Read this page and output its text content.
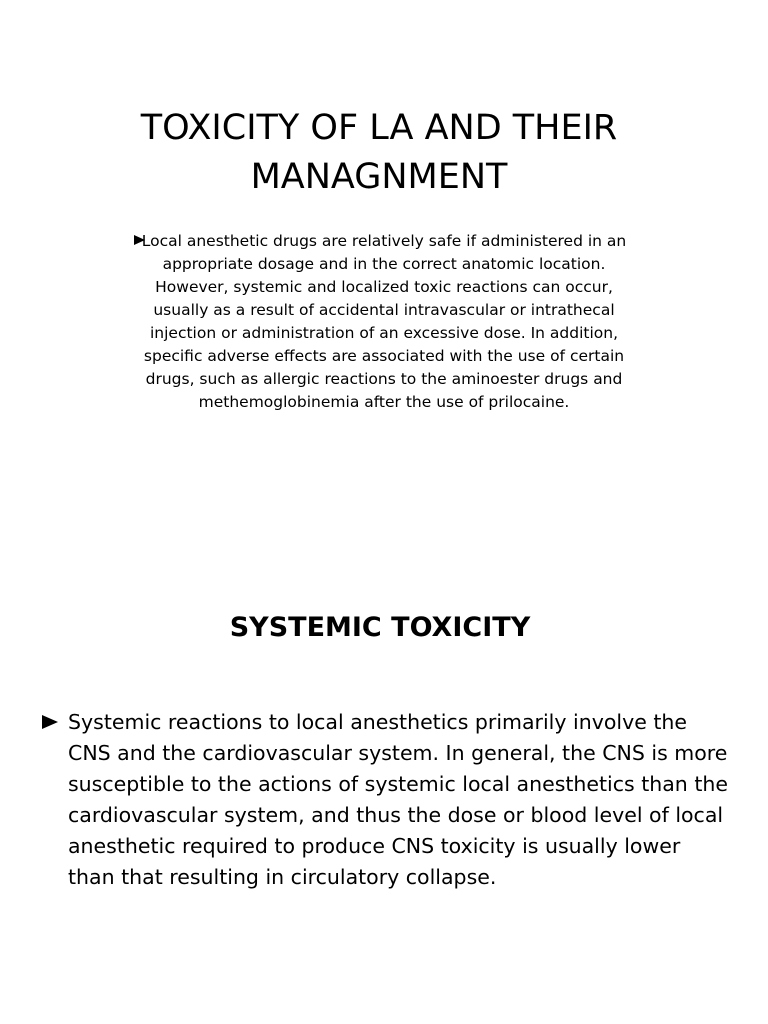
TOXICITY OF LA AND THEIR MANAGNMENT

Local anesthetic drugs are relatively safe if administered in an appropriate dosage and in the correct anatomic location. However, systemic and localized toxic reactions can occur, usually as a result of accidental intravascular or intrathecal injection or administration of an excessive dose. In addition, specific adverse effects are associated with the use of certain drugs, such as allergic reactions to the aminoester drugs and methemoglobinemia after the use of prilocaine.

SYSTEMIC TOXICITY

Systemic reactions to local anesthetics primarily involve the CNS and the cardiovascular system. In general, the CNS is more susceptible to the actions of systemic local anesthetics than the cardiovascular system, and thus the dose or blood level of local anesthetic required to produce CNS toxicity is usually lower than that resulting in circulatory collapse.
